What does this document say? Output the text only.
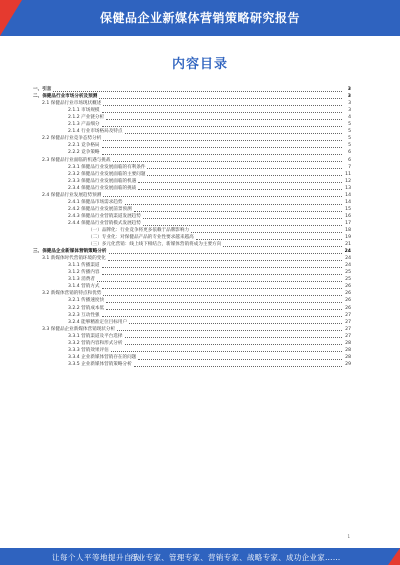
保健品企业新媒体营销策略研究报告
内容目录
一、引言	3
二、保健品行业市场分析及预测	3
2.1 保健品行业市场现状概述	3
2.1.1 市场规模	3
2.1.2 产业链分析	4
2.1.3 产品细分	5
2.1.4 行业市场格局及特点	5
2.2 保健品行业竞争态势分析	5
2.2.1 竞争格局	5
2.2.2 竞争策略	6
2.3 保健品行业面临的机遇与挑战	6
2.3.1 保健品行业发展面临的有利条件	7
2.3.2 保健品行业发展面临的主要问题	11
2.3.3 保健品行业发展面临的机遇	12
2.3.4 保健品行业发展面临的挑战	13
2.4 保健品行业发展趋势预测	14
2.4.1 保健品市场需求趋势	14
2.4.2 保健品行业发展前景预测	15
2.4.3 保健品行业营销渠道发展趋势	16
2.4.4 保健品行业营销模式发展趋势	17
（一）品牌化：行业竞争将更多依赖于品牌影响力	18
（二）专业化：对保健品产品的专业性要求越来越高	19
（三）多元化营销：线上线下相结合，新媒体营销将成为主要方向	21
三、保健品企业新媒体营销策略分析	24
3.1 新媒体时代营销环境的变化	24
3.1.1 传播渠道	24
3.1.2 传播内容	25
3.1.3 消费者	25
3.1.4 营销方式	26
3.2 新媒体营销的特点和优势	26
3.2.1 传播速度快	26
3.2.2 营销成本低	26
3.2.3 互动性强	27
3.2.4 能够精准定位目标用户	27
3.3 保健品企业新媒体营销现状分析	27
3.3.1 营销渠道及平台选择	27
3.3.2 营销内容和形式分析	28
3.3.3 营销效果评估	28
3.3.4 企业新媒体营销存在的问题	28
3.3.5 企业新媒体营销策略分析	29
1
让每个人平等地提升自我
行业专家、管理专家、营销专家、战略专家、成功企业家……
